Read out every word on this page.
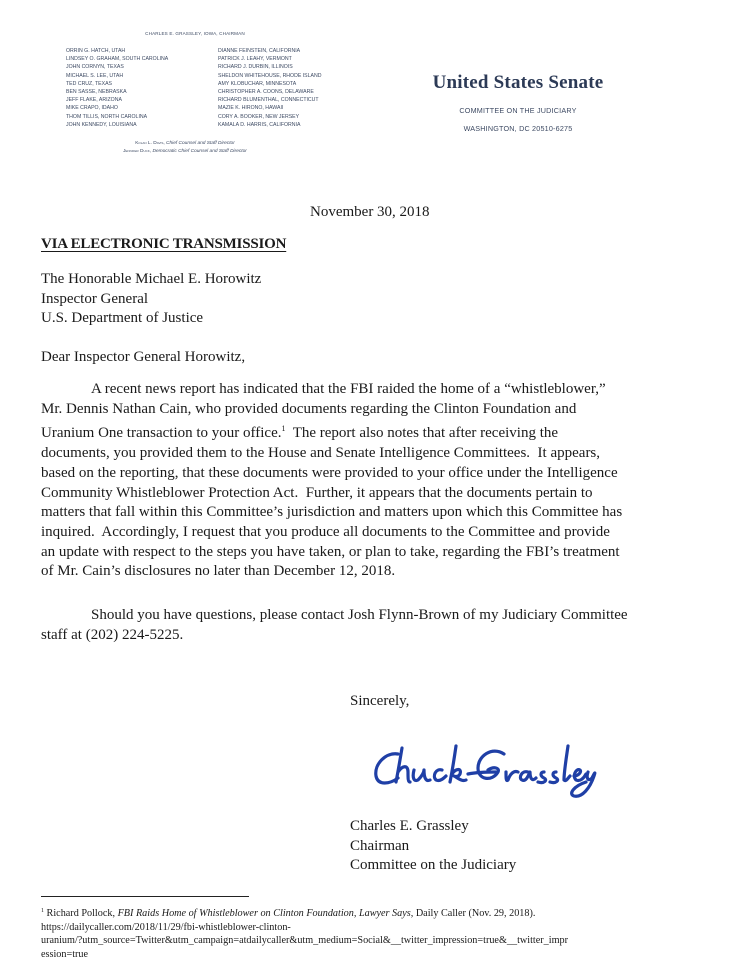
CHARLES E. GRASSLEY, IOWA, CHAIRMAN
ORRIN G. HATCH, UTAH
LINDSEY O. GRAHAM, SOUTH CAROLINA
JOHN CORNYN, TEXAS
MICHAEL S. LEE, UTAH
TED CRUZ, TEXAS
BEN SASSE, NEBRASKA
JEFF FLAKE, ARIZONA
MIKE CRAPO, IDAHO
THOM TILLIS, NORTH CAROLINA
JOHN KENNEDY, LOUISIANA
DIANNE FEINSTEIN, CALIFORNIA
PATRICK J. LEAHY, VERMONT
RICHARD J. DURBIN, ILLINOIS
SHELDON WHITEHOUSE, RHODE ISLAND
AMY KLOBUCHAR, MINNESOTA
CHRISTOPHER A. COONS, DELAWARE
RICHARD BLUMENTHAL, CONNECTICUT
MAZIE K. HIRONO, HAWAII
CORY A. BOOKER, NEW JERSEY
KAMALA D. HARRIS, CALIFORNIA
Kolan L. Davis, Chief Counsel and Staff Director
Jennifer Duck, Democratic Chief Counsel and Staff Director
United States Senate
COMMITTEE ON THE JUDICIARY
WASHINGTON, DC 20510-6275
November 30, 2018
VIA ELECTRONIC TRANSMISSION
The Honorable Michael E. Horowitz
Inspector General
U.S. Department of Justice
Dear Inspector General Horowitz,
A recent news report has indicated that the FBI raided the home of a “whistleblower,”
Mr. Dennis Nathan Cain, who provided documents regarding the Clinton Foundation and
Uranium One transaction to your office.$^1$  The report also notes that after receiving the
documents, you provided them to the House and Senate Intelligence Committees.  It appears,
based on the reporting, that these documents were provided to your office under the Intelligence
Community Whistleblower Protection Act.  Further, it appears that the documents pertain to
matters that fall within this Committee’s jurisdiction and matters upon which this Committee has
inquired.  Accordingly, I request that you produce all documents to the Committee and provide
an update with respect to the steps you have taken, or plan to take, regarding the FBI’s treatment
of Mr. Cain’s disclosures no later than December 12, 2018.
Should you have questions, please contact Josh Flynn-Brown of my Judiciary Committee
staff at (202) 224-5225.
Sincerely,
Charles E. Grassley
Chairman
Committee on the Judiciary
$^1$ Richard Pollock, FBI Raids Home of Whistleblower on Clinton Foundation, Lawyer Says, Daily Caller (Nov. 29, 2018).
https://dailycaller.com/2018/11/29/fbi-whistleblower-clinton-
uranium/?utm_source=Twitter&utm_campaign=atdailycaller&utm_medium=Social&__twitter_impression=true&__twitter_impr
ession=true
